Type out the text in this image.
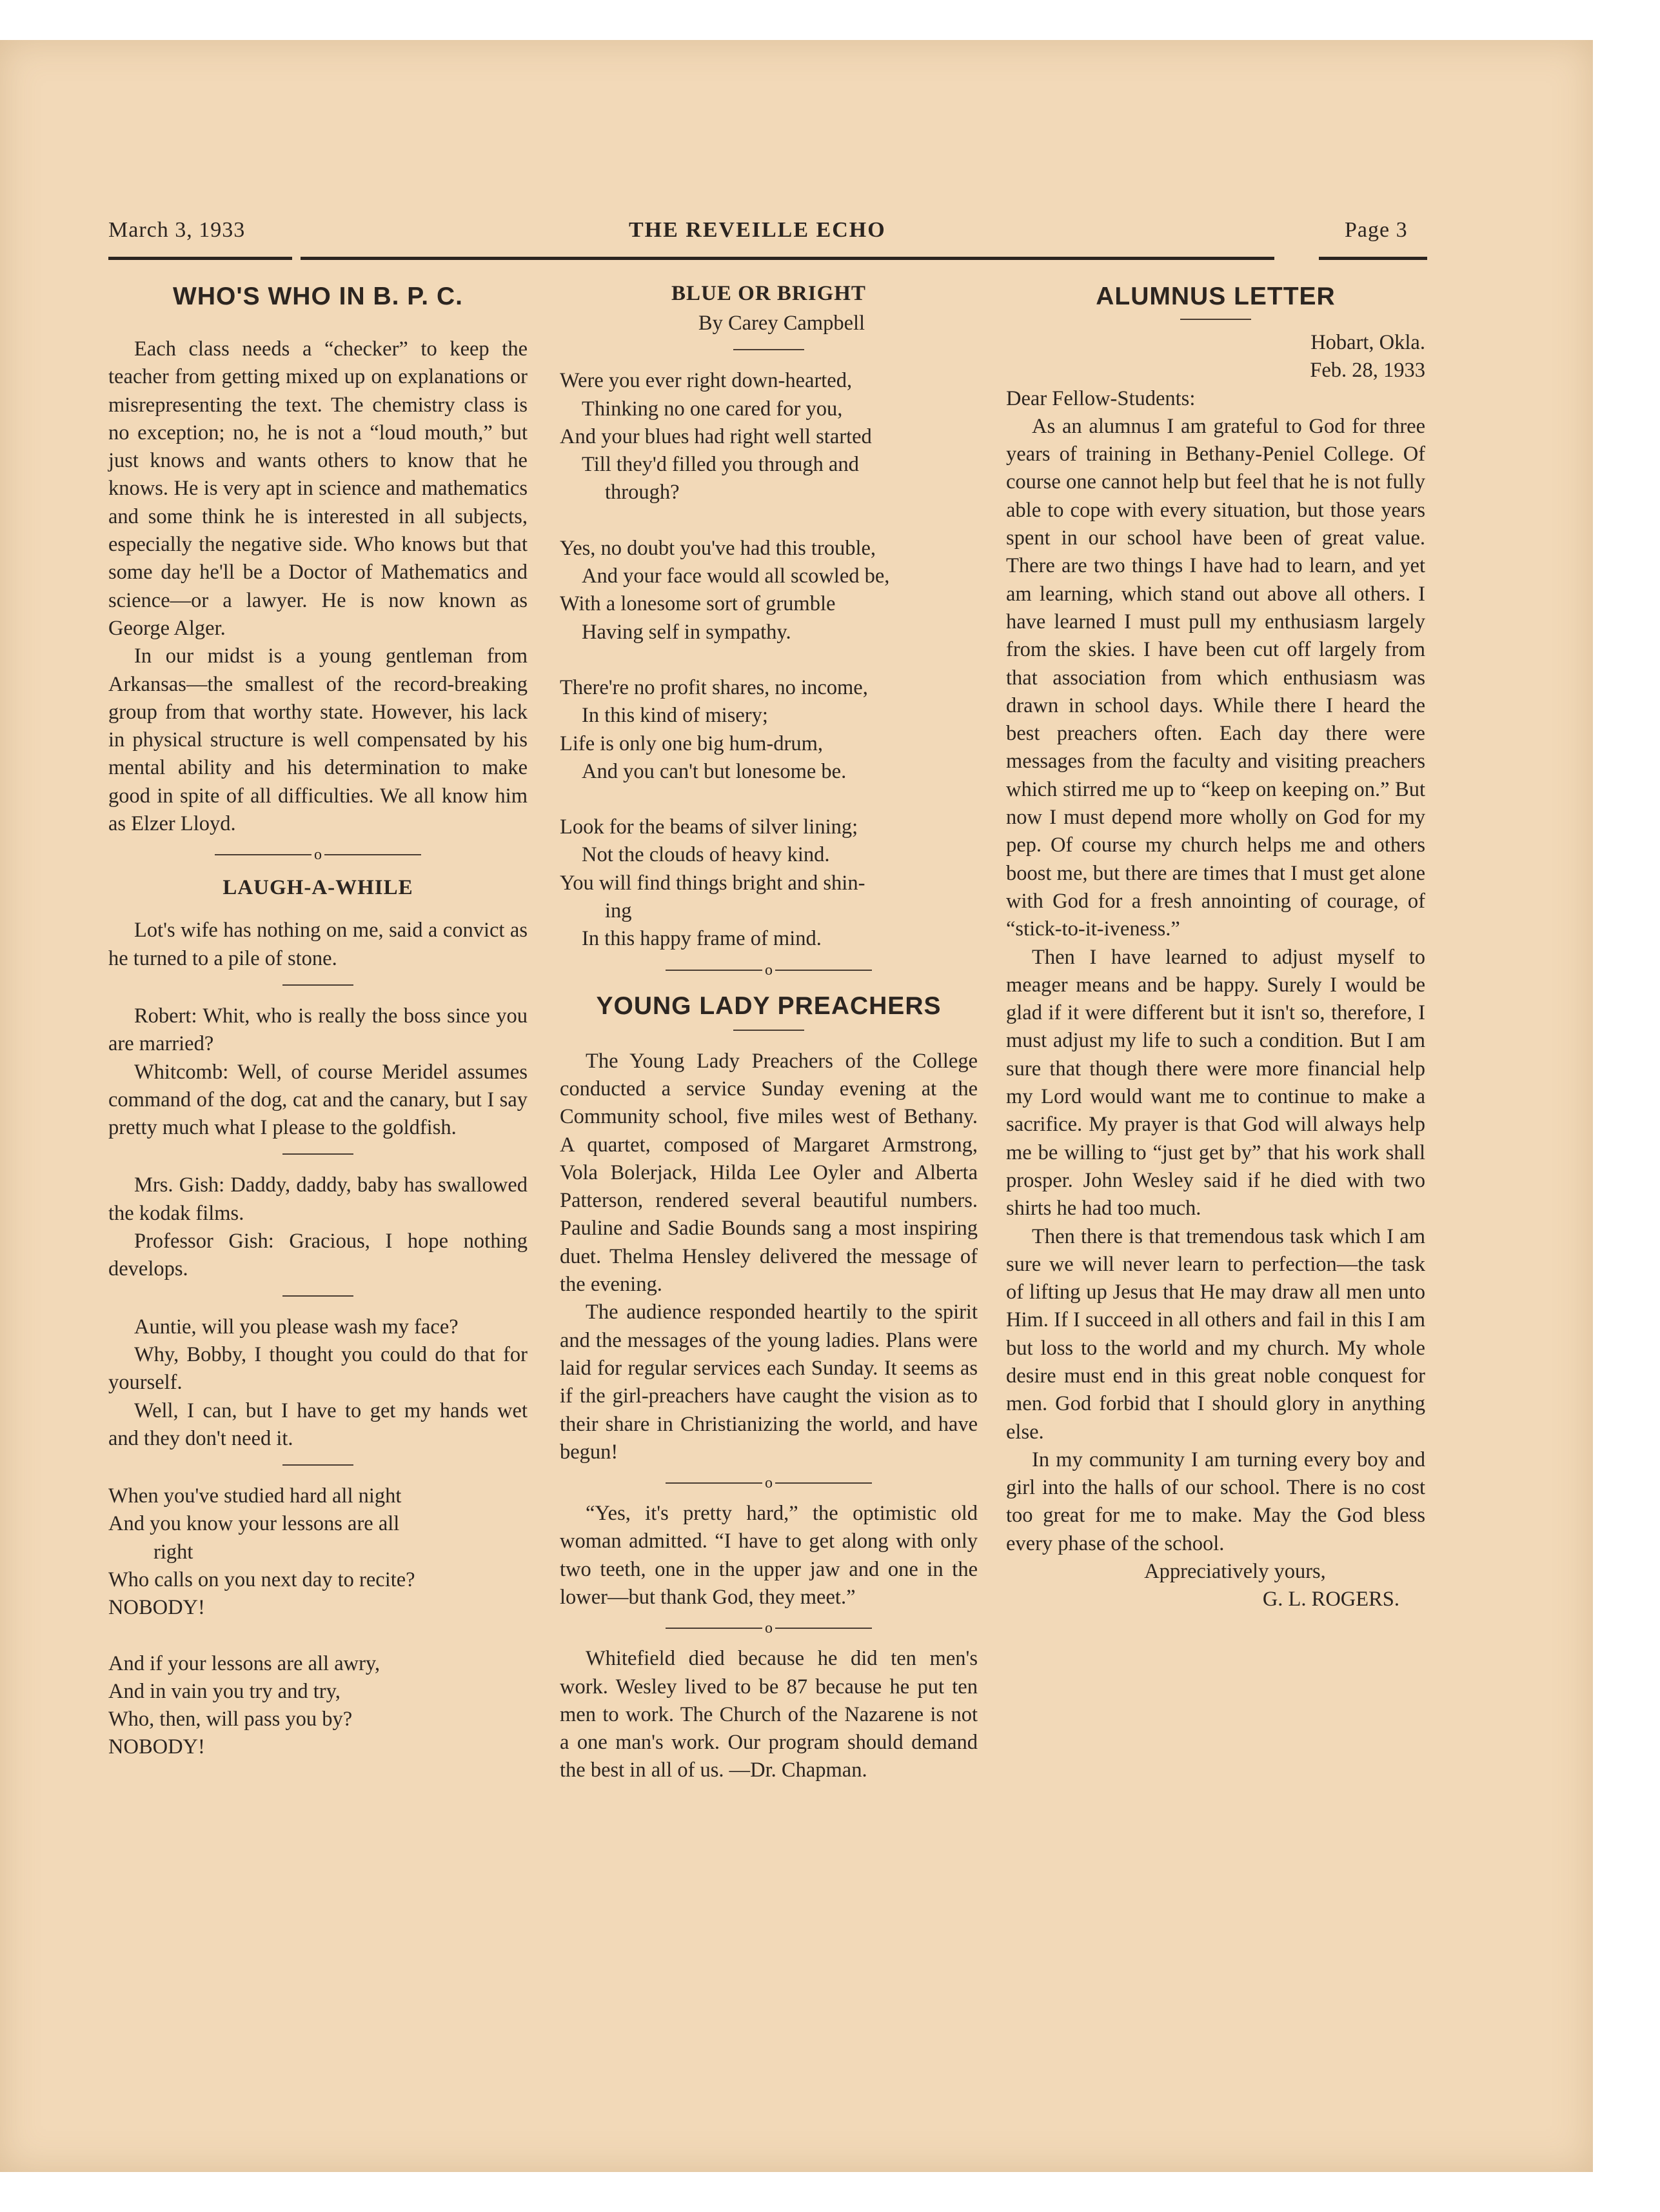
March 3, 1933	THE REVEILLE ECHO	Page 3
WHO'S WHO IN B. P. C.

Each class needs a “checker” to keep the teacher from getting mixed up on explanations or misrepresenting the text. The chemistry class is no exception; no, he is not a “loud mouth,” but just knows and wants others to know that he knows. He is very apt in science and mathematics and some think he is interested in all subjects, especially the negative side. Who knows but that some day he'll be a Doctor of Mathematics and science—or a lawyer. He is now known as George Alger.

In our midst is a young gentleman from Arkansas—the smallest of the record-breaking group from that worthy state. However, his lack in physical structure is well compensated by his mental ability and his determination to make good in spite of all difficulties. We all know him as Elzer Lloyd.

o
LAUGH-A-WHILE

Lot's wife has nothing on me, said a convict as he turned to a pile of stone.

Robert: Whit, who is really the boss since you are married?

Whitcomb: Well, of course Meridel assumes command of the dog, cat and the canary, but I say pretty much what I please to the goldfish.

Mrs. Gish: Daddy, daddy, baby has swallowed the kodak films.

Professor Gish: Gracious, I hope nothing develops.

Auntie, will you please wash my face?

Why, Bobby, I thought you could do that for yourself.

Well, I can, but I have to get my hands wet and they don't need it.

When you've studied hard all night

And you know your lessons are all

right

Who calls on you next day to recite?

NOBODY!

And if your lessons are all awry,

And in vain you try and try,

Who, then, will pass you by?

NOBODY!

BLUE OR BRIGHT

By Carey Campbell

Were you ever right down-hearted,

Thinking no one cared for you,

And your blues had right well started

Till they'd filled you through and

through?

Yes, no doubt you've had this trouble,

And your face would all scowled be,

With a lonesome sort of grumble

Having self in sympathy.

There're no profit shares, no income,

In this kind of misery;

Life is only one big hum-drum,

And you can't but lonesome be.

Look for the beams of silver lining;

Not the clouds of heavy kind.

You will find things bright and shin-

ing

In this happy frame of mind.

o
YOUNG LADY PREACHERS

The Young Lady Preachers of the College conducted a service Sunday evening at the Community school, five miles west of Bethany. A quartet, composed of Margaret Armstrong, Vola Bolerjack, Hilda Lee Oyler and Alberta Patterson, rendered several beautiful numbers. Pauline and Sadie Bounds sang a most inspiring duet. Thelma Hensley delivered the message of the evening.

The audience responded heartily to the spirit and the messages of the young ladies. Plans were laid for regular services each Sunday. It seems as if the girl-preachers have caught the vision as to their share in Christianizing the world, and have begun!

o

“Yes, it's pretty hard,” the optimistic old woman admitted. “I have to get along with only two teeth, one in the upper jaw and one in the lower—but thank God, they meet.”

o

Whitefield died because he did ten men's work. Wesley lived to be 87 because he put ten men to work. The Church of the Nazarene is not a one man's work. Our program should demand the best in all of us. —Dr. Chapman.

ALUMNUS LETTER

Hobart, Okla.

Feb. 28, 1933

Dear Fellow-Students:

As an alumnus I am grateful to God for three years of training in Bethany-Peniel College. Of course one cannot help but feel that he is not fully able to cope with every situation, but those years spent in our school have been of great value. There are two things I have had to learn, and yet am learning, which stand out above all others. I have learned I must pull my enthusiasm largely from the skies. I have been cut off largely from that association from which enthusiasm was drawn in school days. While there I heard the best preachers often. Each day there were messages from the faculty and visiting preachers which stirred me up to “keep on keeping on.” But now I must depend more wholly on God for my pep. Of course my church helps me and others boost me, but there are times that I must get alone with God for a fresh annointing of courage, of “stick-to-it-iveness.”

Then I have learned to adjust myself to meager means and be happy. Surely I would be glad if it were different but it isn't so, therefore, I must adjust my life to such a condition. But I am sure that though there were more financial help my Lord would want me to continue to make a sacrifice. My prayer is that God will always help me be willing to “just get by” that his work shall prosper. John Wesley said if he died with two shirts he had too much.

Then there is that tremendous task which I am sure we will never learn to perfection—the task of lifting up Jesus that He may draw all men unto Him. If I succeed in all others and fail in this I am but loss to the world and my church. My whole desire must end in this great noble conquest for men. God forbid that I should glory in anything else.

In my community I am turning every boy and girl into the halls of our school. There is no cost too great for me to make. May the God bless every phase of the school.

Appreciatively yours,

G. L. ROGERS.
